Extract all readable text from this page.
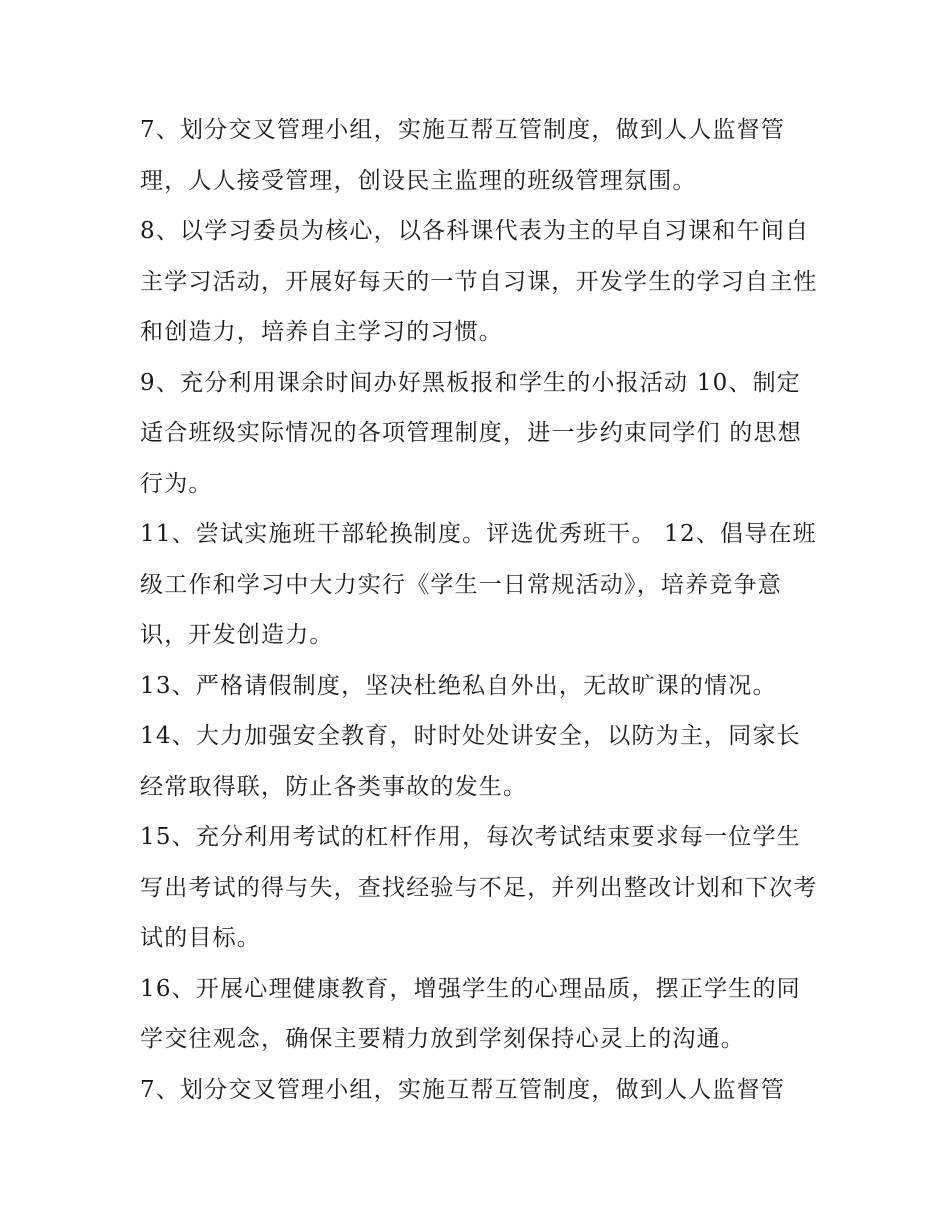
7、划分交叉管理小组，实施互帮互管制度，做到人人监督管理，人人接受管理，创设民主监理的班级管理氛围。

8、以学习委员为核心，以各科课代表为主的早自习课和午间自主学习活动，开展好每天的一节自习课，开发学生的学习自主性和创造力，培养自主学习的习惯。

9、充分利用课余时间办好黑板报和学生的小报活动 10、制定适合班级实际情况的各项管理制度，进一步约束同学们 的思想行为。

11、尝试实施班干部轮换制度。评选优秀班干。 12、倡导在班级工作和学习中大力实行《学生一日常规活动》，培养竞争意识，开发创造力。

13、严格请假制度，坚决杜绝私自外出，无故旷课的情况。

14、大力加强安全教育，时时处处讲安全，以防为主，同家长经常取得联，防止各类事故的发生。

15、充分利用考试的杠杆作用，每次考试结束要求每一位学生写出考试的得与失，查找经验与不足，并列出整改计划和下次考试的目标。

16、开展心理健康教育，增强学生的心理品质，摆正学生的同学交往观念，确保主要精力放到学刻保持心灵上的沟通。

7、划分交叉管理小组，实施互帮互管制度，做到人人监督管
